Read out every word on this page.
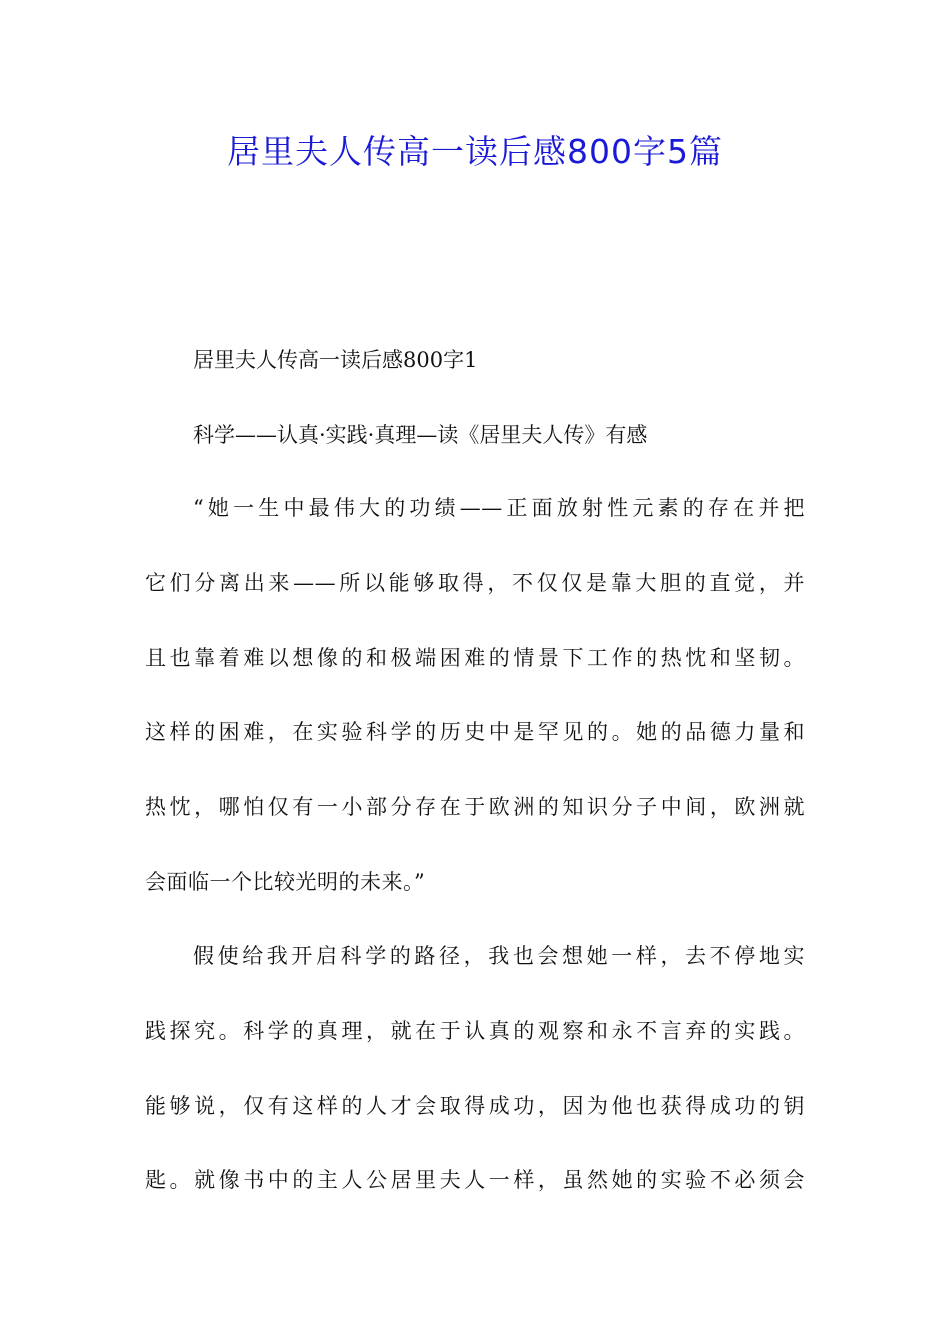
居里夫人传高一读后感800字5篇

居里夫人传高一读后感800字1

科学——认真·实践·真理—读《居里夫人传》有感

“她一生中最伟大的功绩——正面放射性元素的存在并把

它们分离出来——所以能够取得，不仅仅是靠大胆的直觉，并

且也靠着难以想像的和极端困难的情景下工作的热忱和坚韧。

这样的困难，在实验科学的历史中是罕见的。她的品德力量和

热忱，哪怕仅有一小部分存在于欧洲的知识分子中间，欧洲就

会面临一个比较光明的未来。”

假使给我开启科学的路径，我也会想她一样，去不停地实

践探究。科学的真理，就在于认真的观察和永不言弃的实践。

能够说，仅有这样的人才会取得成功，因为他也获得成功的钥

匙。就像书中的主人公居里夫人一样，虽然她的实验不必须会
